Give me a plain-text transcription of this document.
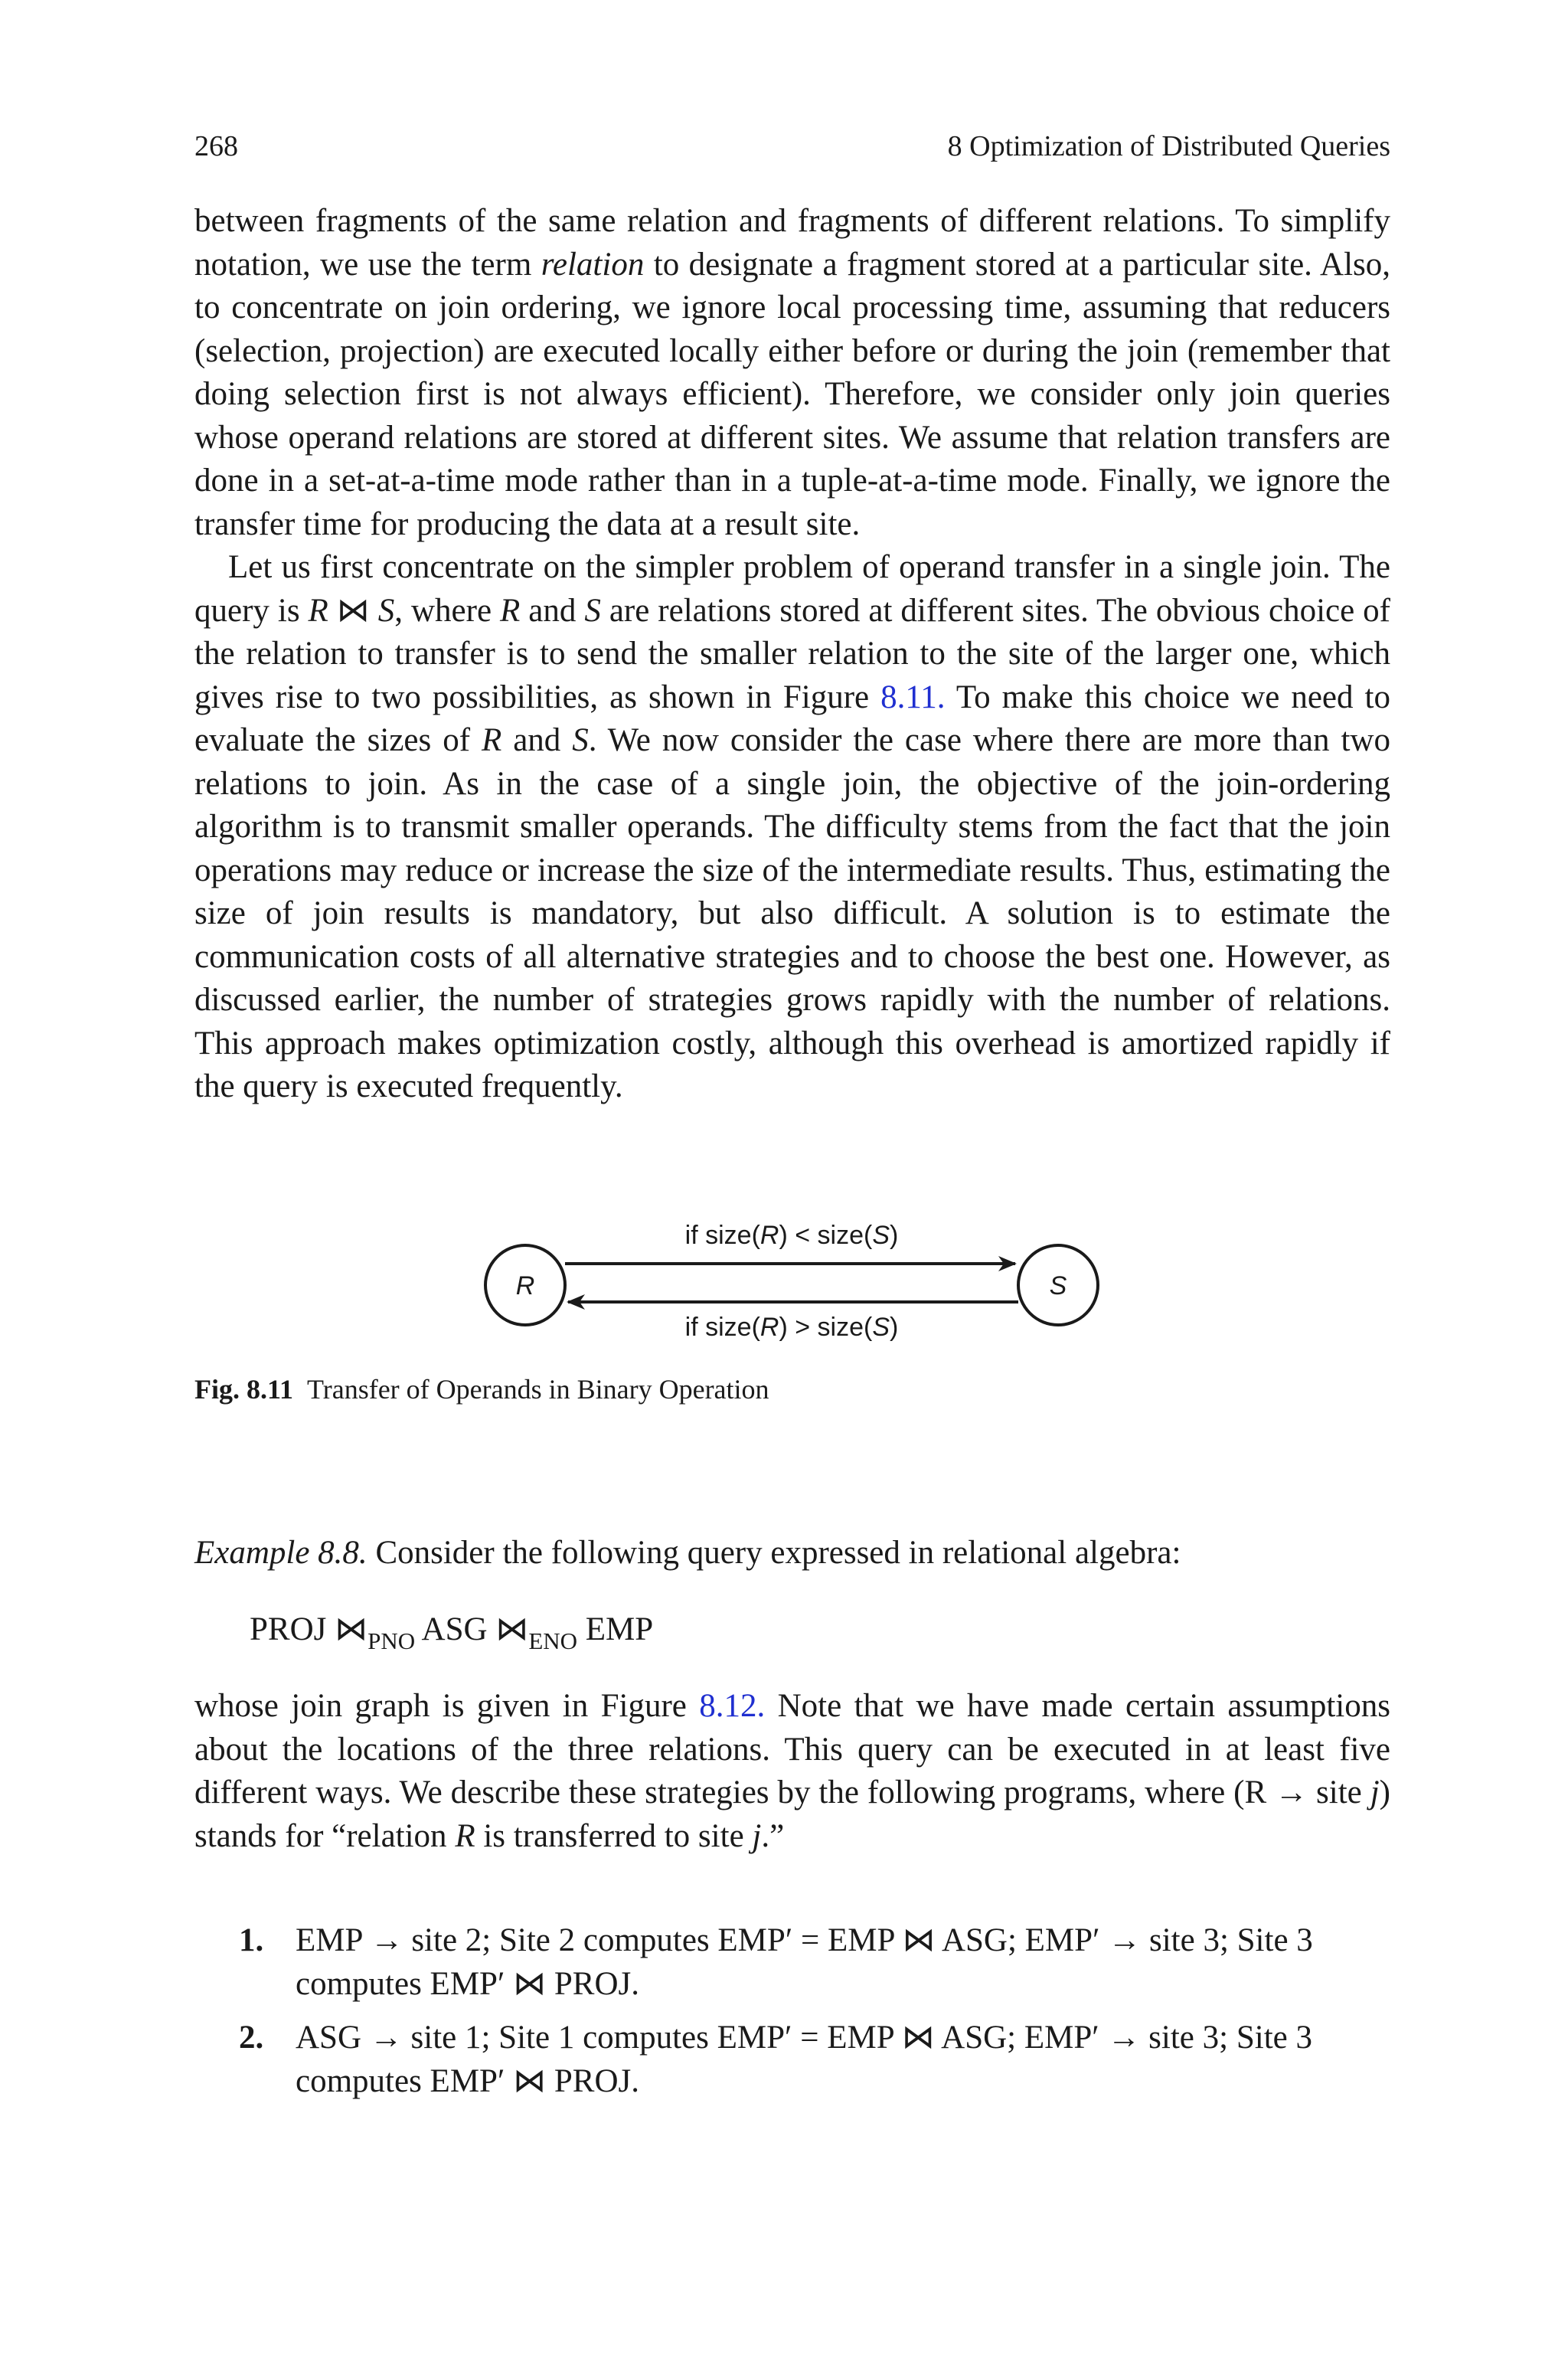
268	8 Optimization of Distributed Queries

between fragments of the same relation and fragments of different relations. To simplify notation, we use the term relation to designate a fragment stored at a particular site. Also, to concentrate on join ordering, we ignore local processing time, assuming that reducers (selection, projection) are executed locally either before or during the join (remember that doing selection first is not always efficient). Therefore, we consider only join queries whose operand relations are stored at different sites. We assume that relation transfers are done in a set-at-a-time mode rather than in a tuple-at-a-time mode. Finally, we ignore the transfer time for producing the data at a result site.

Let us first concentrate on the simpler problem of operand transfer in a single join. The query is R ⋈ S, where R and S are relations stored at different sites. The obvious choice of the relation to transfer is to send the smaller relation to the site of the larger one, which gives rise to two possibilities, as shown in Figure 8.11. To make this choice we need to evaluate the sizes of R and S. We now consider the case where there are more than two relations to join. As in the case of a single join, the objective of the join-ordering algorithm is to transmit smaller operands. The difficulty stems from the fact that the join operations may reduce or increase the size of the intermediate results. Thus, estimating the size of join results is mandatory, but also difficult. A solution is to estimate the communication costs of all alternative strategies and to choose the best one. However, as discussed earlier, the number of strategies grows rapidly with the number of relations. This approach makes optimization costly, although this overhead is amortized rapidly if the query is executed frequently.

R	S
if size(R) < size(S)
if size(R) > size(S)
Fig. 8.11 Transfer of Operands in Binary Operation
Example 8.8. Consider the following query expressed in relational algebra:
PROJ $⋈_{PNO}$ ASG $⋈_{ENO}$ EMP
whose join graph is given in Figure 8.12. Note that we have made certain assumptions about the locations of the three relations. This query can be executed in at least five different ways. We describe these strategies by the following programs, where (R → site j) stands for “relation R is transferred to site j.”
1. EMP → site 2; Site 2 computes EMP′ = EMP ⋈ ASG; EMP′ → site 3; Site 3 computes EMP′ ⋈ PROJ.
2. ASG → site 1; Site 1 computes EMP′ = EMP ⋈ ASG; EMP′ → site 3; Site 3 computes EMP′ ⋈ PROJ.
